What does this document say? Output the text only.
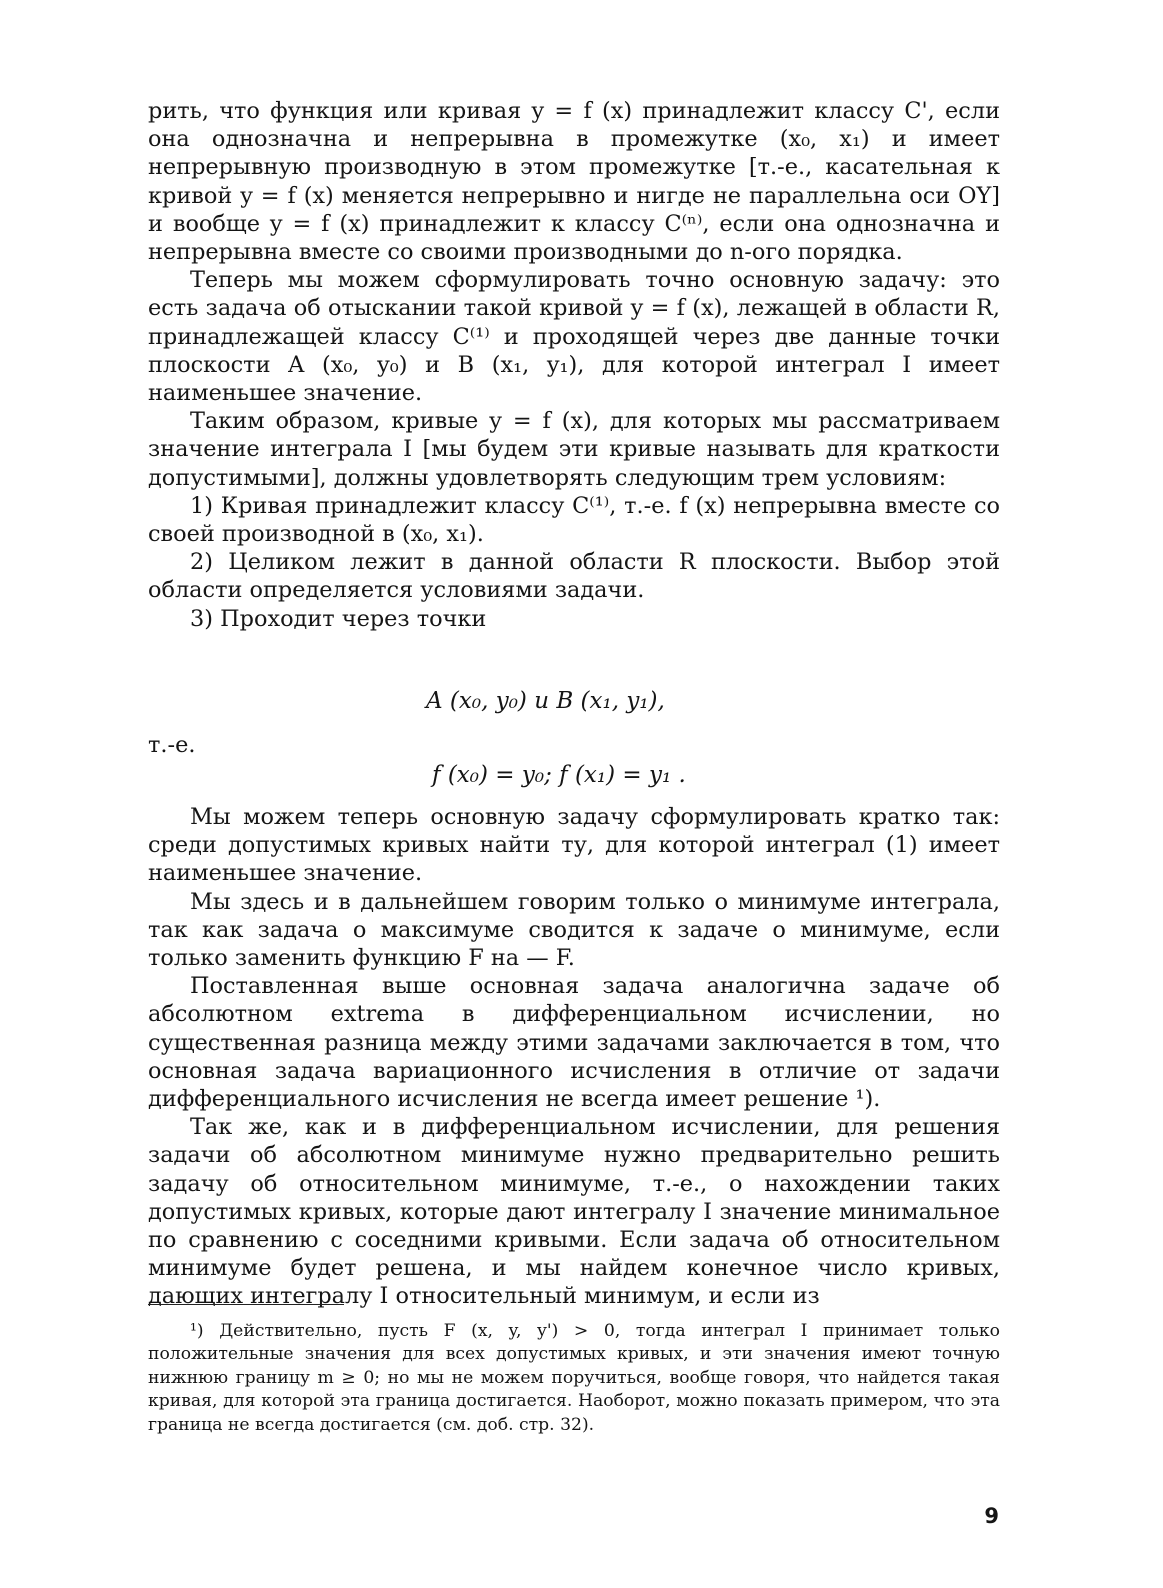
рить, что функция или кривая y = f (x) принадлежит классу C', если она однозначна и непрерывна в промежутке (x₀, x₁) и имеет непрерывную производную в этом промежутке [т.-е., касательная к кривой y = f (x) меняется непрерывно и нигде не параллельна оси OY] и вообще y = f (x) принадлежит к классу C⁽ⁿ⁾, если она однозначна и непрерывна вместе со своими производными до n-ого порядка.

Теперь мы можем сформулировать точно основную задачу: это есть задача об отыскании такой кривой y = f (x), лежащей в области R, принадлежащей классу C⁽¹⁾ и проходящей через две данные точки плоскости A (x₀, y₀) и B (x₁, y₁), для которой интеграл I имеет наименьшее значение.

Таким образом, кривые y = f (x), для которых мы рассматриваем значение интеграла I [мы будем эти кривые называть для краткости допустимыми], должны удовлетворять следующим трем условиям:

1) Кривая принадлежит классу C⁽¹⁾, т.-е. f (x) непрерывна вместе со своей производной в (x₀, x₁).

2) Целиком лежит в данной области R плоскости. Выбор этой области определяется условиями задачи.

3) Проходит через точки

A (x₀, y₀) и B (x₁, y₁),
т.-е.
f (x₀) = y₀; f (x₁) = y₁ .

Мы можем теперь основную задачу сформулировать кратко так: среди допустимых кривых найти ту, для которой интеграл (1) имеет наименьшее значение.

Мы здесь и в дальнейшем говорим только о минимуме интеграла, так как задача о максимуме сводится к задаче о минимуме, если только заменить функцию F на — F.

Поставленная выше основная задача аналогична задаче об абсолютном extrema в дифференциальном исчислении, но существенная разница между этими задачами заключается в том, что основная задача вариационного исчисления в отличие от задачи дифференциального исчисления не всегда имеет решение ¹).

Так же, как и в дифференциальном исчислении, для решения задачи об абсолютном минимуме нужно предварительно решить задачу об относительном минимуме, т.-е., о нахождении таких допустимых кривых, которые дают интегралу I значение минимальное по сравнению с соседними кривыми. Если задача об относительном минимуме будет решена, и мы найдем конечное число кривых, дающих интегралу I относительный минимум, и если из

¹) Действительно, пусть F (x, y, y') > 0, тогда интеграл I принимает только положительные значения для всех допустимых кривых, и эти значения имеют точную нижнюю границу m ≥ 0; но мы не можем поручиться, вообще говоря, что найдется такая кривая, для которой эта граница достигается. Наоборот, можно показать примером, что эта граница не всегда достигается (см. доб. стр. 32).

9
